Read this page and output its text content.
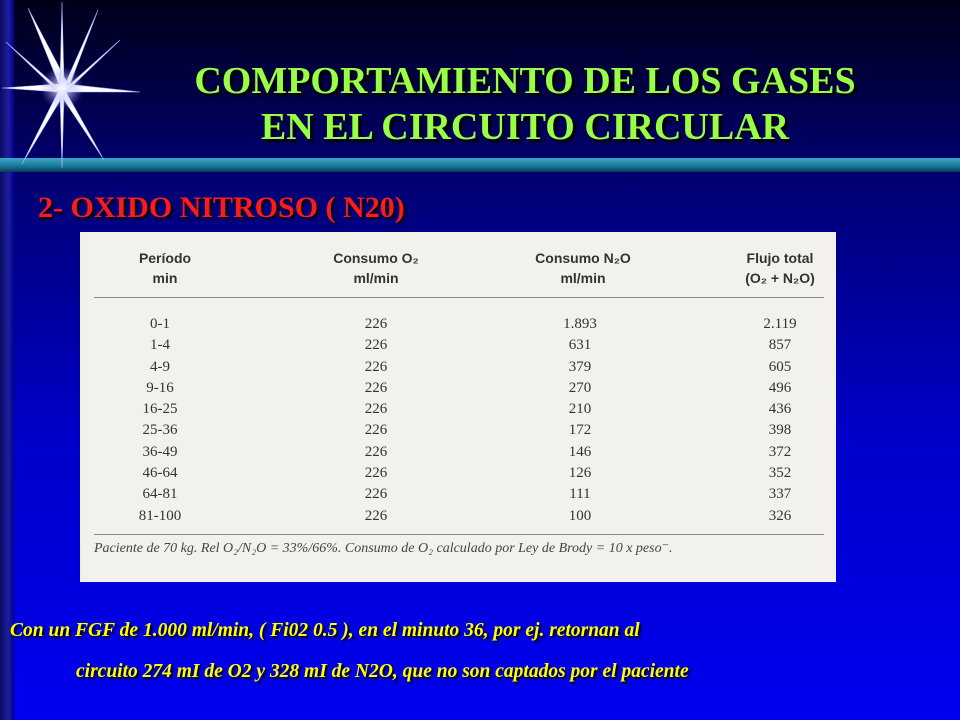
COMPORTAMIENTO DE LOS GASES
EN EL CIRCUITO CIRCULAR
2- OXIDO NITROSO ( N20)
Período
min
Consumo O₂
ml/min
Consumo N₂O
ml/min
Flujo total
(O₂ + N₂O)
0-1
1-4
4-9
9-16
16-25
25-36
36-49
46-64
64-81
81-100
226
226
226
226
226
226
226
226
226
226
1.893
631
379
270
210
172
146
126
111
100
2.119
857
605
496
436
398
372
352
337
326
Paciente de 70 kg. Rel O₂/N₂O = 33%/66%. Consumo de O₂ calculado por Ley de Brody = 10 x peso⁻.
Con un FGF de 1.000 ml/min, ( Fi02 0.5 ), en el minuto 36, por ej. retornan al
circuito 274 mI de O2 y 328 mI de N2O, que no son captados por el paciente
